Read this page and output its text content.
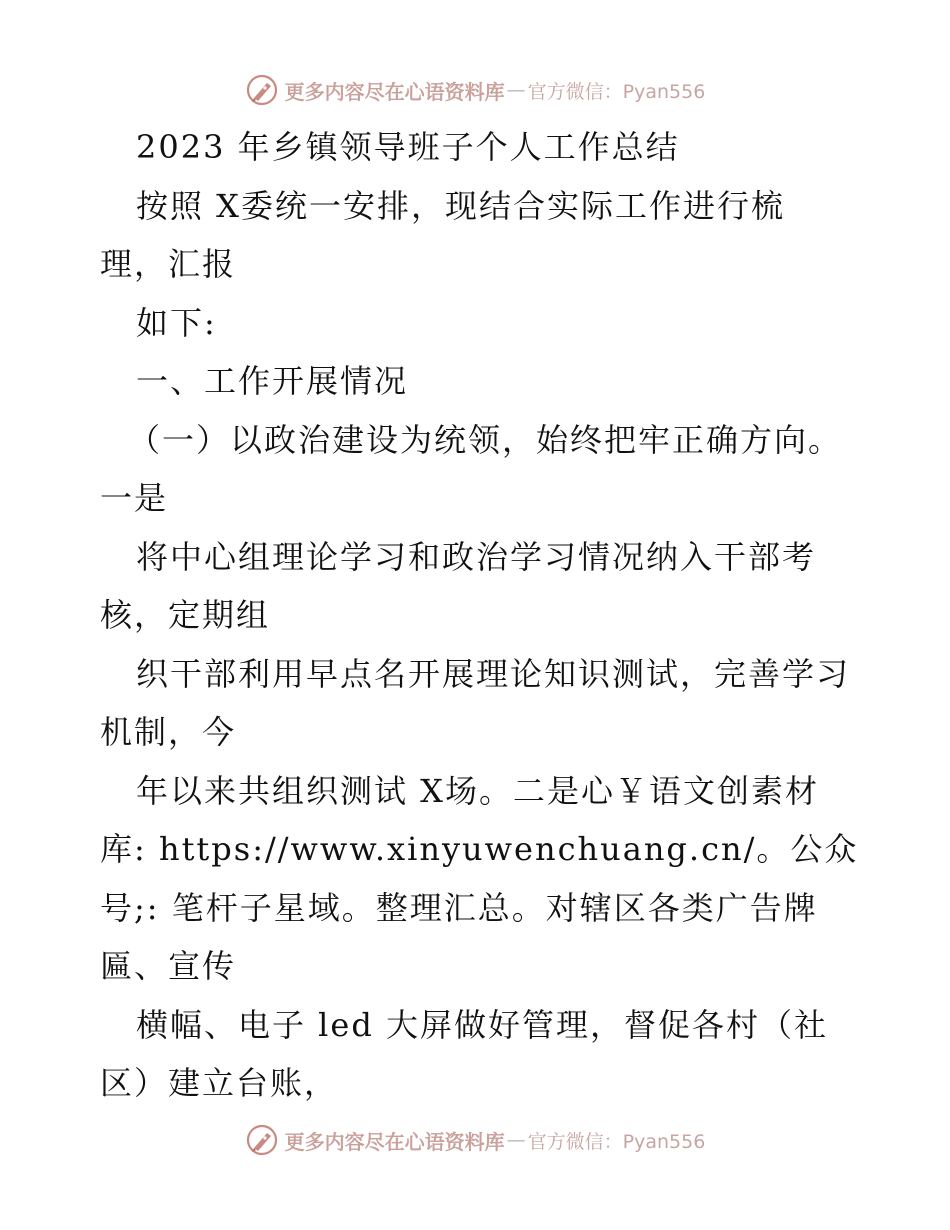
更多内容尽在心语资料库 — 官方微信：Pyan556
2023 年乡镇领导班子个人工作总结
按照 X委统一安排，现结合实际工作进行梳
理，汇报
如下:
一、工作开展情况
（一）以政治建设为统领，始终把牢正确方向。
一是
将中心组理论学习和政治学习情况纳入干部考
核，定期组
织干部利用早点名开展理论知识测试，完善学习
机制，今
年以来共组织测试 X场。二是心￥语文创素材
库: https://www.xinyuwenchuang.cn/。公众
号;: 笔杆子星域。整理汇总。对辖区各类广告牌
匾、宣传
横幅、电子 led 大屏做好管理，督促各村（社
区）建立台账，
更多内容尽在心语资料库 — 官方微信：Pyan556
